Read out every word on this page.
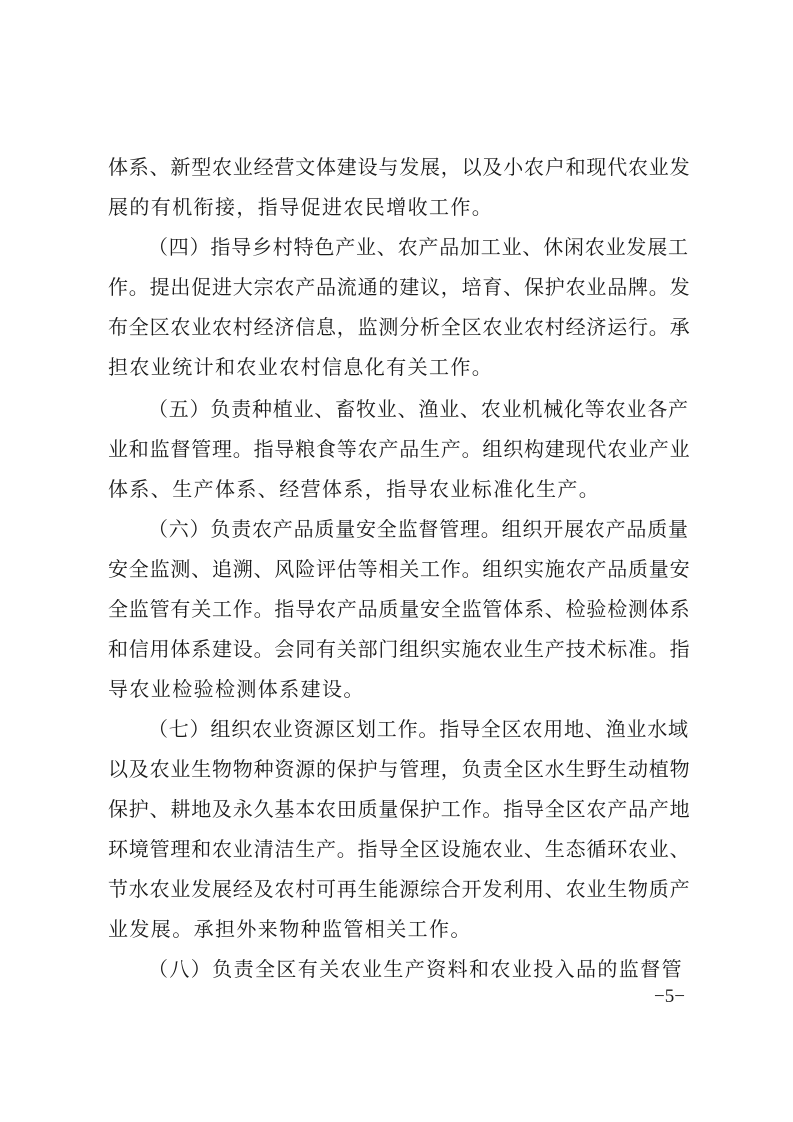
体系、新型农业经营文体建设与发展，以及小农户和现代农业发
展的有机衔接，指导促进农民增收工作。
（四）指导乡村特色产业、农产品加工业、休闲农业发展工
作。提出促进大宗农产品流通的建议，培育、保护农业品牌。发
布全区农业农村经济信息，监测分析全区农业农村经济运行。承
担农业统计和农业农村信息化有关工作。
（五）负责种植业、畜牧业、渔业、农业机械化等农业各产
业和监督管理。指导粮食等农产品生产。组织构建现代农业产业
体系、生产体系、经营体系，指导农业标准化生产。
（六）负责农产品质量安全监督管理。组织开展农产品质量
安全监测、追溯、风险评估等相关工作。组织实施农产品质量安
全监管有关工作。指导农产品质量安全监管体系、检验检测体系
和信用体系建设。会同有关部门组织实施农业生产技术标准。指
导农业检验检测体系建设。
（七）组织农业资源区划工作。指导全区农用地、渔业水域
以及农业生物物种资源的保护与管理，负责全区水生野生动植物
保护、耕地及永久基本农田质量保护工作。指导全区农产品产地
环境管理和农业清洁生产。指导全区设施农业、生态循环农业、
节水农业发展经及农村可再生能源综合开发利用、农业生物质产
业发展。承担外来物种监管相关工作。
（八）负责全区有关农业生产资料和农业投入品的监督管
−5−
